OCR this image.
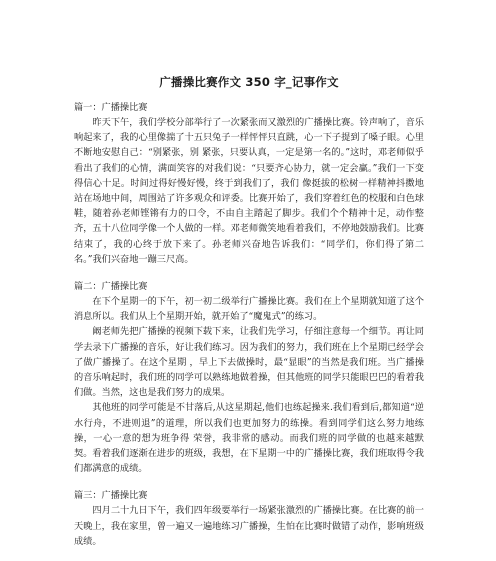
广播操比赛作文 350 字_记事作文

篇一：广播操比赛

昨天下午，我们学校分部举行了一次紧张而又激烈的广播操比赛。铃声响了，音乐响起来了，我的心里像揣了十五只兔子一样怦怦只直跳，心一下子提到了嗓子眼。心里不断地安慰自己：“别紧张，别 紧张，只要认真，一定是第一名的。”这时，邓老师似乎看出了我们的心情，满面笑容的对我们说：“只要齐心协力，就一定会赢。”我们一下变得信心十足。时间过得好慢好慢，终于到我们了，我们 像挺拔的松树一样精神抖擞地站在场地中间，周围站了许多观众和评委。比赛开始了，我们穿着红色的校服和白色球鞋，随着孙老师铿锵有力的口令，不由自主踏起了脚步。我们个个精神十足，动作整 齐，五十八位同学像一个人做的一样。邓老师微笑地看着我们，不停地鼓励我们。比赛结束了，我的心终于放下来了。孙老师兴奋地告诉我们：“同学们，你们得了第二名。”我们兴奋地一蹦三尺高。

篇二：广播操比赛

在下个星期一的下午，初一初二级举行广播操比赛。我们在上个星期就知道了这个消息所以。我们从上个星期开始，就开始了“魔鬼式”的练习。

阚老师先把广播操的视频下载下来，让我们先学习，仔细注意每一个细节。再让同学去录下广播操的音乐，好让我们练习。因为我们的努力，我们班在上个星期已经学会了做广播操了。在这个星期 ，早上下去做操时，最“显眼”的当然是我们班。当广播操的音乐响起时，我们班的同学可以熟练地做着操，但其他班的同学只能眼巴巴的看着我们做。当然，这也是我们努力的成果。

其他班的同学可能是不甘落后,从这星期起,他们也练起操来.我们看到后,都知道“逆水行舟，不进则退”的道理，所以我们也更加努力的练操。看到同学们这么努力地练操，一心一意的想为班争得 荣誉，我非常的感动。而我们班的同学做的也越来越默契。看着我们逐渐在进步的班级，我想，在下星期一中的广播操比赛，我们班取得令我们都满意的成绩。

篇三：广播操比赛

四月二十九日下午，我们四年级要举行一场紧张激烈的广播操比赛。在比赛的前一天晚上，我在家里，曾一遍又一遍地练习广播操，生怕在比赛时做错了动作，影响班级成绩。
